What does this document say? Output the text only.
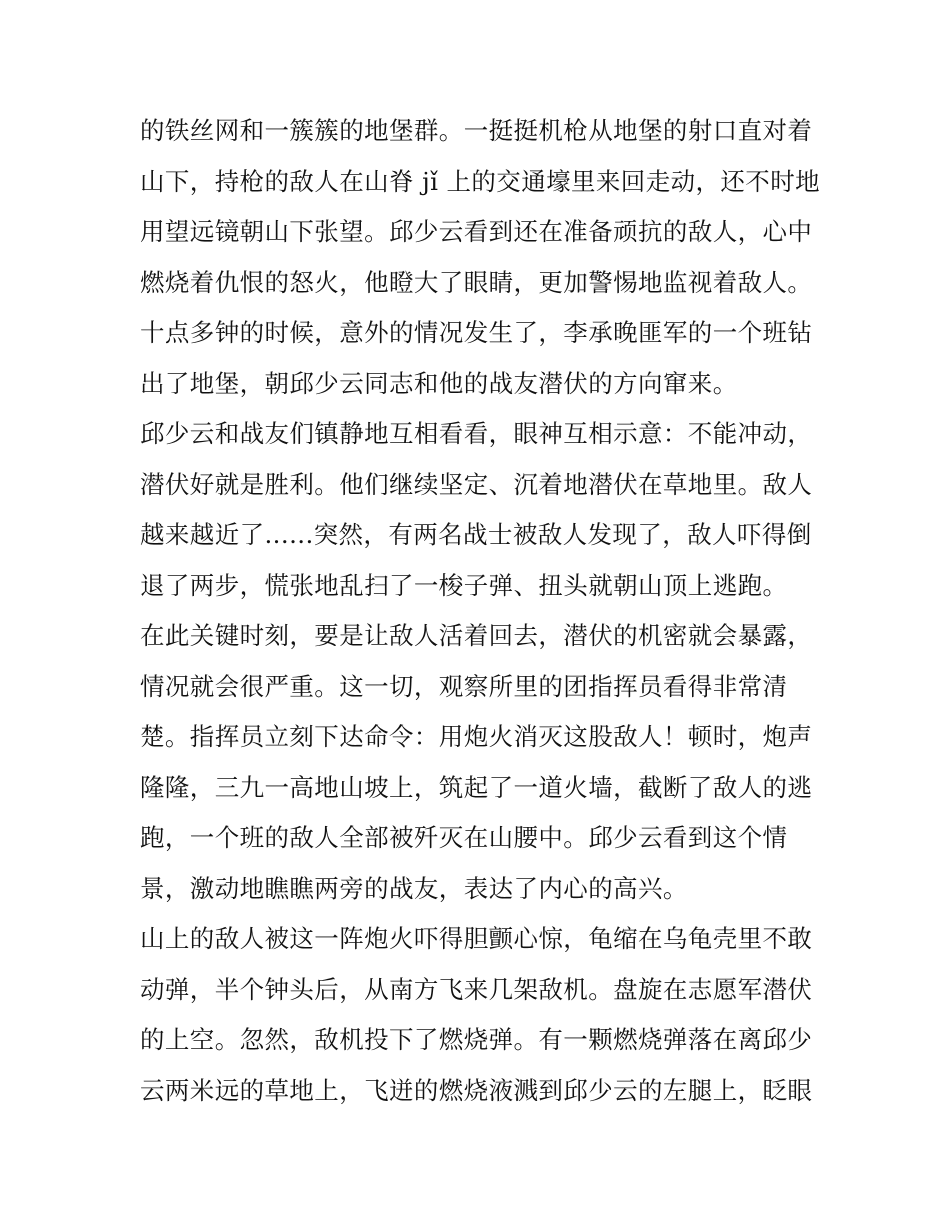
的铁丝网和一簇簇的地堡群。一挺挺机枪从地堡的射口直对着
山下，持枪的敌人在山脊 jǐ 上的交通壕里来回走动，还不时地
用望远镜朝山下张望。邱少云看到还在准备顽抗的敌人，心中
燃烧着仇恨的怒火，他瞪大了眼睛，更加警惕地监视着敌人。
十点多钟的时候，意外的情况发生了，李承晚匪军的一个班钻
出了地堡，朝邱少云同志和他的战友潜伏的方向窜来。
邱少云和战友们镇静地互相看看，眼神互相示意：不能冲动，
潜伏好就是胜利。他们继续坚定、沉着地潜伏在草地里。敌人
越来越近了......突然，有两名战士被敌人发现了，敌人吓得倒
退了两步，慌张地乱扫了一梭子弹、扭头就朝山顶上逃跑。
在此关键时刻，要是让敌人活着回去，潜伏的机密就会暴露，
情况就会很严重。这一切，观察所里的团指挥员看得非常清
楚。指挥员立刻下达命令：用炮火消灭这股敌人！顿时，炮声
隆隆，三九一高地山坡上，筑起了一道火墙，截断了敌人的逃
跑，一个班的敌人全部被歼灭在山腰中。邱少云看到这个情
景，激动地瞧瞧两旁的战友，表达了内心的高兴。
山上的敌人被这一阵炮火吓得胆颤心惊，龟缩在乌龟壳里不敢
动弹，半个钟头后，从南方飞来几架敌机。盘旋在志愿军潜伏
的上空。忽然，敌机投下了燃烧弹。有一颗燃烧弹落在离邱少
云两米远的草地上，飞迸的燃烧液溅到邱少云的左腿上，眨眼
